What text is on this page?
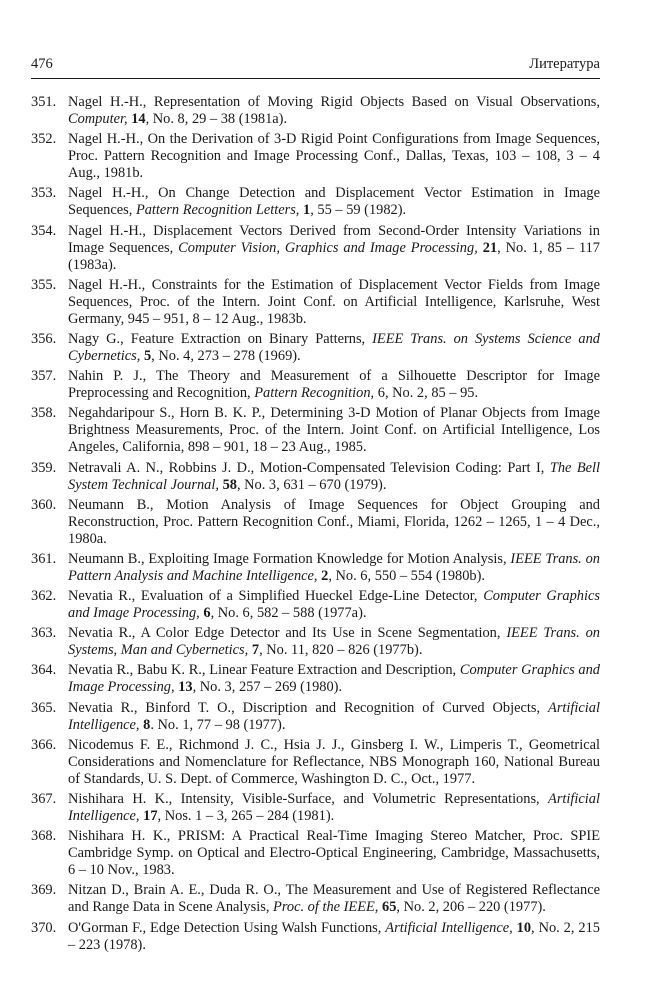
476	Литература
351. Nagel H.-H., Representation of Moving Rigid Objects Based on Visual Observations, Computer, 14, No. 8, 29 – 38 (1981a).
352. Nagel H.-H., On the Derivation of 3-D Rigid Point Configurations from Image Sequences, Proc. Pattern Recognition and Image Processing Conf., Dallas, Texas, 103 – 108, 3 – 4 Aug., 1981b.
353. Nagel H.-H., On Change Detection and Displacement Vector Estimation in Image Sequences, Pattern Recognition Letters, 1, 55 – 59 (1982).
354. Nagel H.-H., Displacement Vectors Derived from Second-Order Intensity Variations in Image Sequences, Computer Vision, Graphics and Image Processing, 21, No. 1, 85 – 117 (1983a).
355. Nagel H.-H., Constraints for the Estimation of Displacement Vector Fields from Image Sequences, Proc. of the Intern. Joint Conf. on Artificial Intelligence, Karlsruhe, West Germany, 945 – 951, 8 – 12 Aug., 1983b.
356. Nagy G., Feature Extraction on Binary Patterns, IEEE Trans. on Systems Science and Cybernetics, 5, No. 4, 273 – 278 (1969).
357. Nahin P. J., The Theory and Measurement of a Silhouette Descriptor for Image Preprocessing and Recognition, Pattern Recognition, 6, No. 2, 85 – 95.
358. Negahdaripour S., Horn B. K. P., Determining 3-D Motion of Planar Objects from Image Brightness Measurements, Proc. of the Intern. Joint Conf. on Artificial Intelligence, Los Angeles, California, 898 – 901, 18 – 23 Aug., 1985.
359. Netravali A. N., Robbins J. D., Motion-Compensated Television Coding: Part I, The Bell System Technical Journal, 58, No. 3, 631 – 670 (1979).
360. Neumann B., Motion Analysis of Image Sequences for Object Grouping and Reconstruction, Proc. Pattern Recognition Conf., Miami, Florida, 1262 – 1265, 1 – 4 Dec., 1980a.
361. Neumann B., Exploiting Image Formation Knowledge for Motion Analysis, IEEE Trans. on Pattern Analysis and Machine Intelligence, 2, No. 6, 550 – 554 (1980b).
362. Nevatia R., Evaluation of a Simplified Hueckel Edge-Line Detector, Computer Graphics and Image Processing, 6, No. 6, 582 – 588 (1977a).
363. Nevatia R., A Color Edge Detector and Its Use in Scene Segmentation, IEEE Trans. on Systems, Man and Cybernetics, 7, No. 11, 820 – 826 (1977b).
364. Nevatia R., Babu K. R., Linear Feature Extraction and Description, Computer Graphics and Image Processing, 13, No. 3, 257 – 269 (1980).
365. Nevatia R., Binford T. O., Discription and Recognition of Curved Objects, Artificial Intelligence, 8. No. 1, 77 – 98 (1977).
366. Nicodemus F. E., Richmond J. C., Hsia J. J., Ginsberg I. W., Limperis T., Geometrical Considerations and Nomenclature for Reflectance, NBS Monograph 160, National Bureau of Standards, U. S. Dept. of Commerce, Washington D. C., Oct., 1977.
367. Nishihara H. K., Intensity, Visible-Surface, and Volumetric Representations, Artificial Intelligence, 17, Nos. 1 – 3, 265 – 284 (1981).
368. Nishihara H. K., PRISM: A Practical Real-Time Imaging Stereo Matcher, Proc. SPIE Cambridge Symp. on Optical and Electro-Optical Engineering, Cambridge, Massachusetts, 6 – 10 Nov., 1983.
369. Nitzan D., Brain A. E., Duda R. O., The Measurement and Use of Registered Reflectance and Range Data in Scene Analysis, Proc. of the IEEE, 65, No. 2, 206 – 220 (1977).
370. O'Gorman F., Edge Detection Using Walsh Functions, Artificial Intelligence, 10, No. 2, 215 – 223 (1978).
